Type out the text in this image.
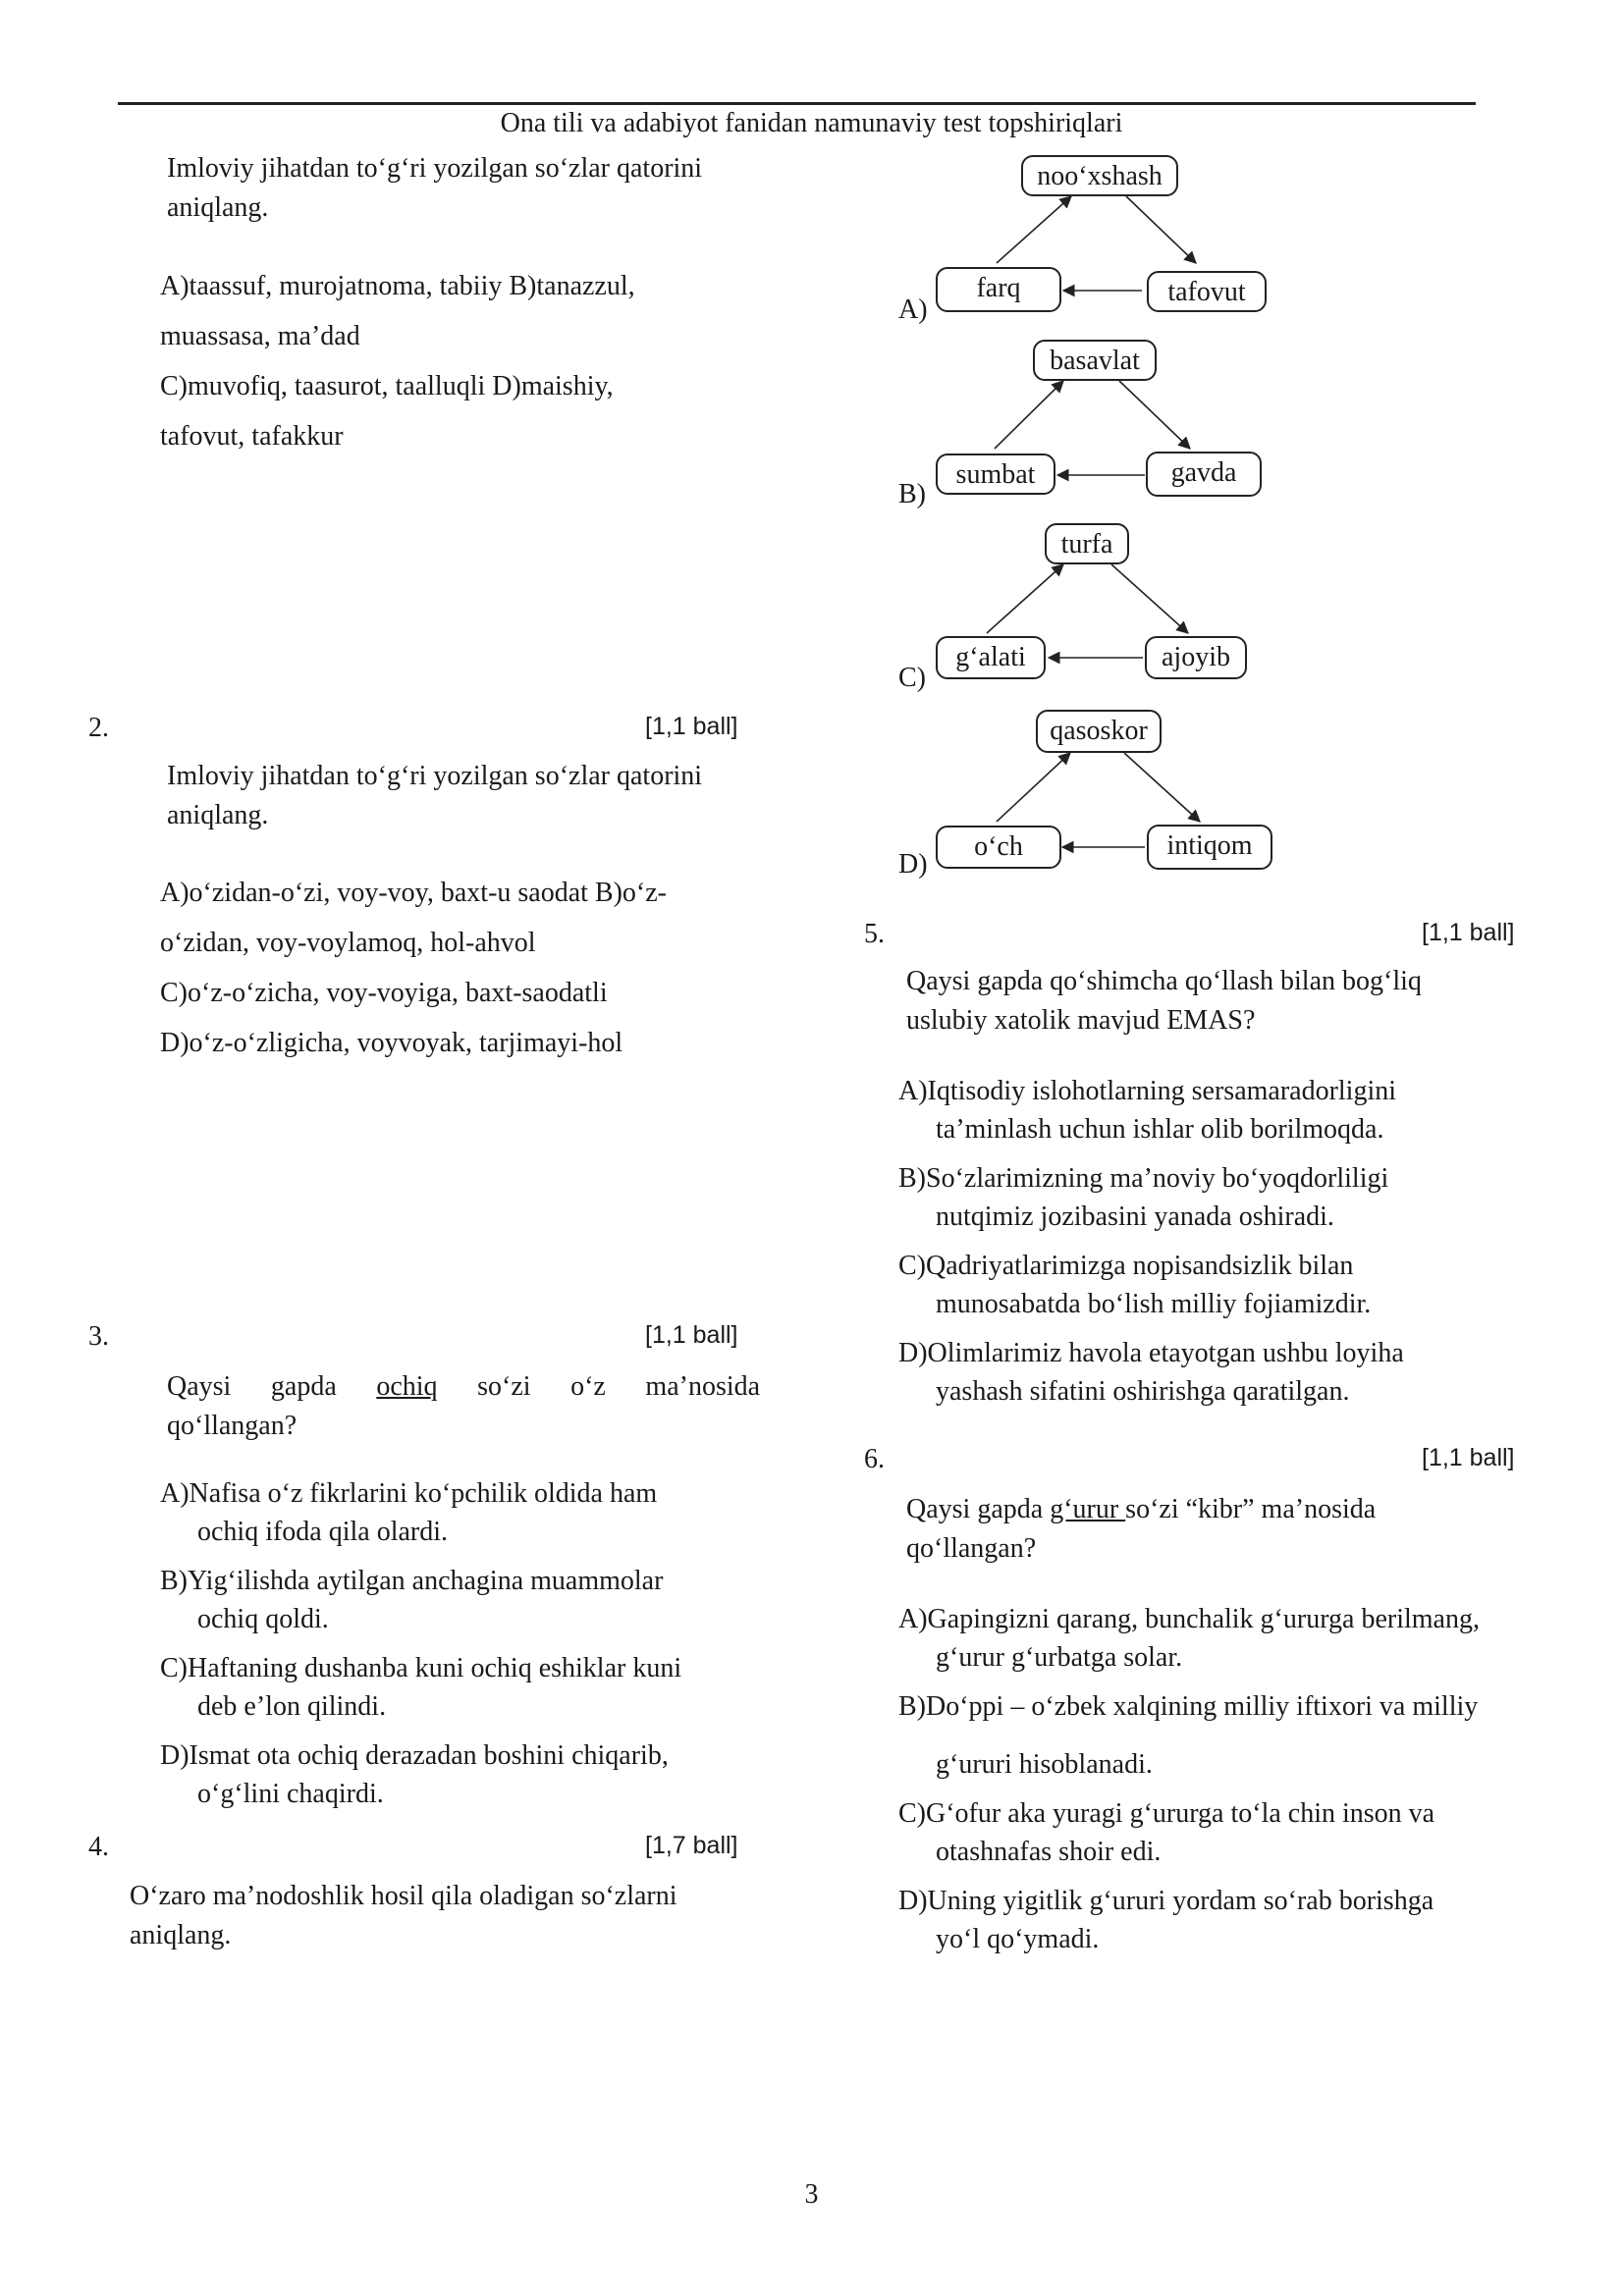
Ona tili va adabiyot fanidan namunaviy test topshiriqlari
Imloviy jihatdan to‘g‘ri yozilgan so‘zlar qatorini
aniqlang.
A)taassuf, murojatnoma, tabiiy B)tanazzul,
muassasa, ma’dad
C)muvofiq, taasurot, taalluqli D)maishiy,
tafovut, tafakkur
2.	[1,1 ball]
Imloviy jihatdan to‘g‘ri yozilgan so‘zlar qatorini
aniqlang.
A)o‘zidan-o‘zi, voy-voy, baxt-u saodat B)o‘z-
o‘zidan, voy-voylamoq, hol-ahvol
C)o‘z-o‘zicha, voy-voyiga, baxt-saodatli
D)o‘z-o‘zligicha, voyvoyak, tarjimayi-hol
3.	[1,1 ball]
Qaysi gapda ochiq so‘zi o‘z ma’nosida
qo‘llangan?
A)Nafisa o‘z fikrlarini ko‘pchilik oldida ham
ochiq ifoda qila olardi.
B)Yig‘ilishda aytilgan anchagina muammolar
ochiq qoldi.
C)Haftaning dushanba kuni ochiq eshiklar kuni
deb e’lon qilindi.
D)Ismat ota ochiq derazadan boshini chiqarib,
o‘g‘lini chaqirdi.
4.	[1,7 ball]
O‘zaro ma’nodoshlik hosil qila oladigan so‘zlarni
aniqlang.
A)
noo‘xshash
farq	tafovut
B)
basavlat
sumbat	gavda
C)
turfa
g‘alati	ajoyib
D)
qasoskor
o‘ch	intiqom
5.	[1,1 ball]
Qaysi gapda qo‘shimcha qo‘llash bilan bog‘liq
uslubiy xatolik mavjud EMAS?
A)Iqtisodiy islohotlarning sersamaradorligini
ta’minlash uchun ishlar olib borilmoqda.
B)So‘zlarimizning ma’noviy bo‘yoqdorliligi
nutqimiz jozibasini yanada oshiradi.
C)Qadriyatlarimizga nopisandsizlik bilan
munosabatda bo‘lish milliy fojiamizdir.
D)Olimlarimiz havola etayotgan ushbu loyiha
yashash sifatini oshirishga qaratilgan.
6.	[1,1 ball]
Qaysi gapda g‘urur so‘zi “kibr” ma’nosida
qo‘llangan?
A)Gapingizni qarang, bunchalik g‘ururga berilmang,
g‘urur g‘urbatga solar.
B)Do‘ppi – o‘zbek xalqining milliy iftixori va milliy
g‘ururi hisoblanadi.
C)G‘ofur aka yuragi g‘ururga to‘la chin inson va
otashnafas shoir edi.
D)Uning yigitlik g‘ururi yordam so‘rab borishga
yo‘l qo‘ymadi.
3
